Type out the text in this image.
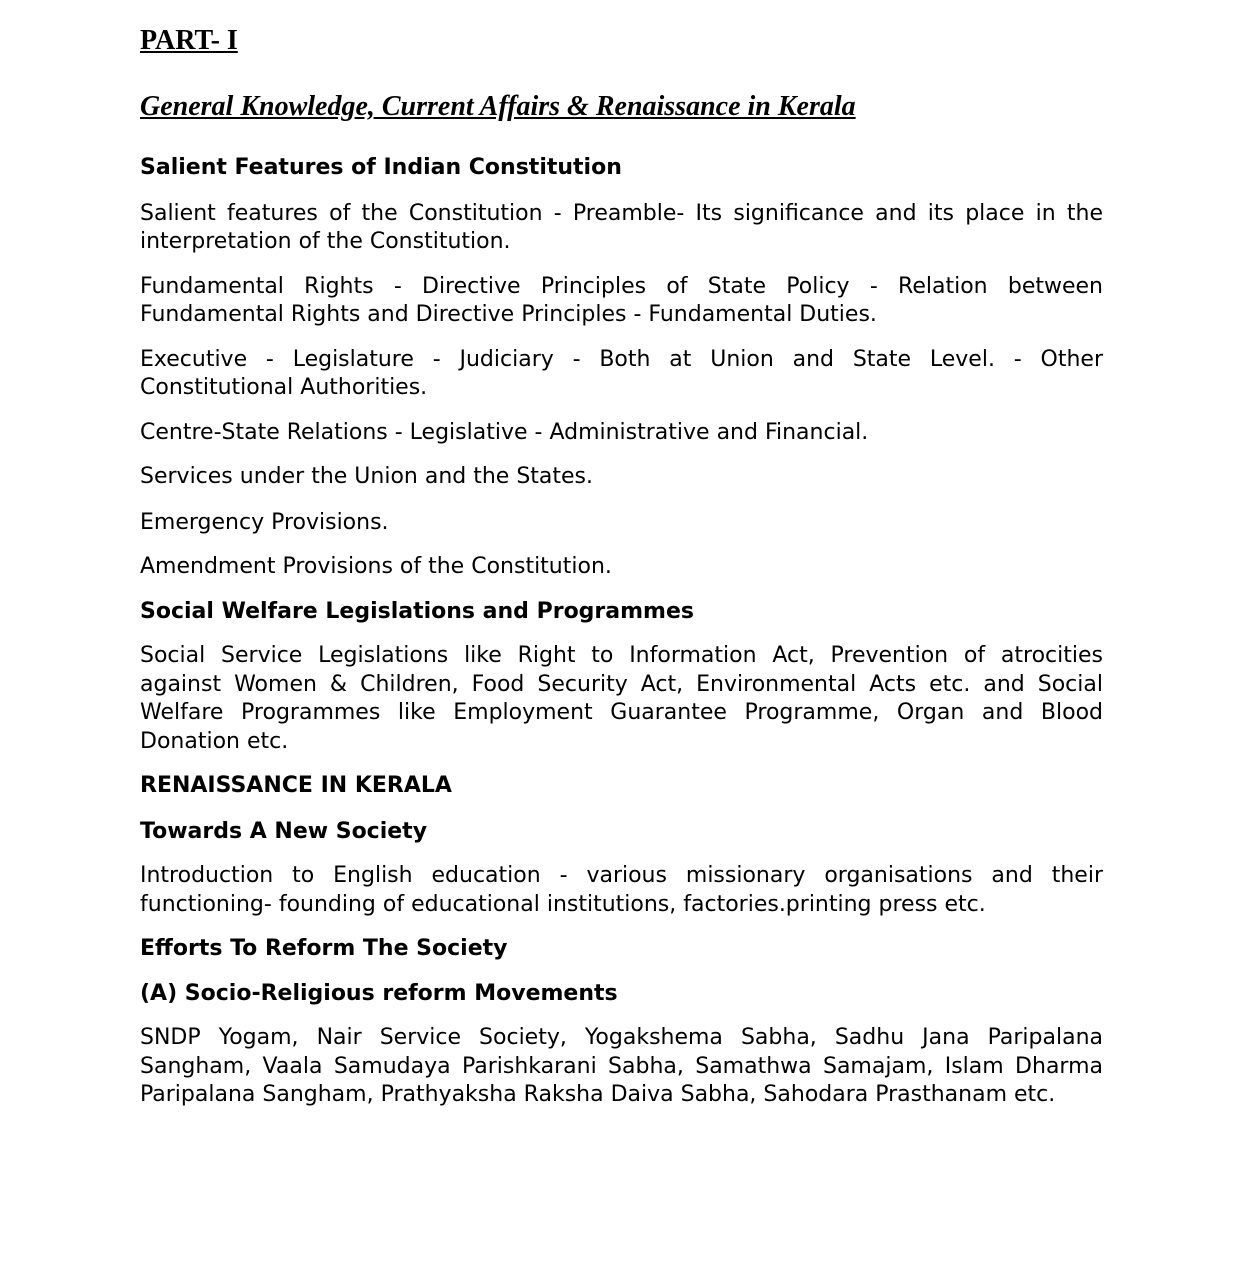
PART- I
General Knowledge, Current Affairs & Renaissance in Kerala
Salient Features of Indian Constitution

Salient features of the Constitution - Preamble- Its significance and its place in the interpretation of the Constitution.

Fundamental Rights - Directive Principles of State Policy - Relation between Fundamental Rights and Directive Principles - Fundamental Duties.

Executive - Legislature - Judiciary - Both at Union and State Level. - Other Constitutional Authorities.

Centre-State Relations - Legislative - Administrative and Financial.

Services under the Union and the States.

Emergency Provisions.

Amendment Provisions of the Constitution.

Social Welfare Legislations and Programmes

Social Service Legislations like Right to Information Act, Prevention of atrocities against Women & Children, Food Security Act, Environmental Acts etc. and Social Welfare Programmes like Employment Guarantee Programme, Organ and Blood Donation etc.

RENAISSANCE IN KERALA
Towards A New Society

Introduction to English education - various missionary organisations and their functioning- founding of educational institutions, factories.printing press etc.

Efforts To Reform The Society
(A) Socio-Religious reform Movements

SNDP Yogam, Nair Service Society, Yogakshema Sabha, Sadhu Jana Paripalana Sangham, Vaala Samudaya Parishkarani Sabha, Samathwa Samajam, Islam Dharma Paripalana Sangham, Prathyaksha Raksha Daiva Sabha, Sahodara Prasthanam etc.
